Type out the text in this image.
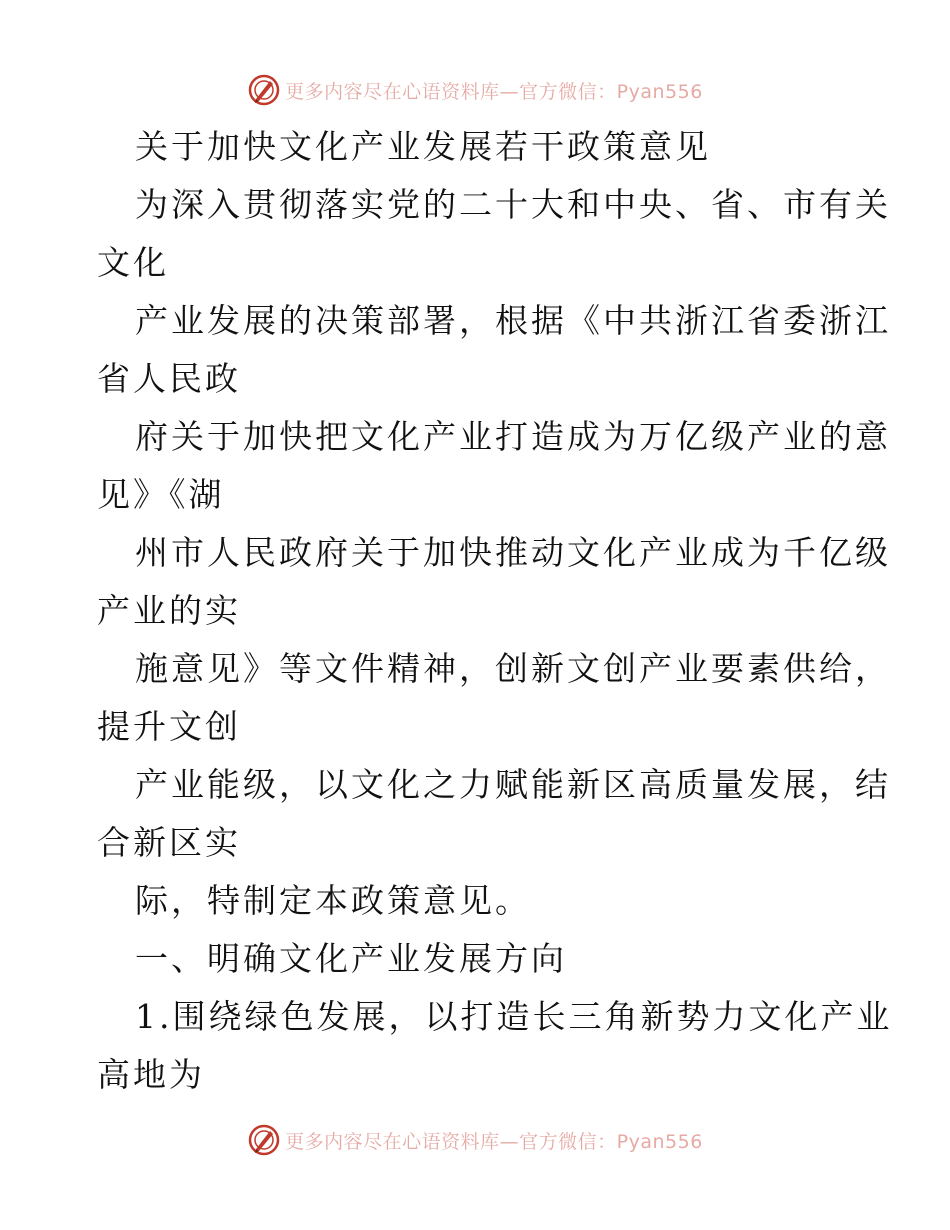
更多内容尽在心语资料库—官方微信：Pyan556
关于加快文化产业发展若干政策意见
为深入贯彻落实党的二十大和中央、省、市有关
文化
产业发展的决策部署，根据《中共浙江省委浙江
省人民政
府关于加快把文化产业打造成为万亿级产业的意
见》《湖
州市人民政府关于加快推动文化产业成为千亿级
产业的实
施意见》等文件精神，创新文创产业要素供给，
提升文创
产业能级，以文化之力赋能新区高质量发展，结
合新区实
际，特制定本政策意见。
一、明确文化产业发展方向
1.围绕绿色发展，以打造长三角新势力文化产业
高地为
更多内容尽在心语资料库—官方微信：Pyan556
